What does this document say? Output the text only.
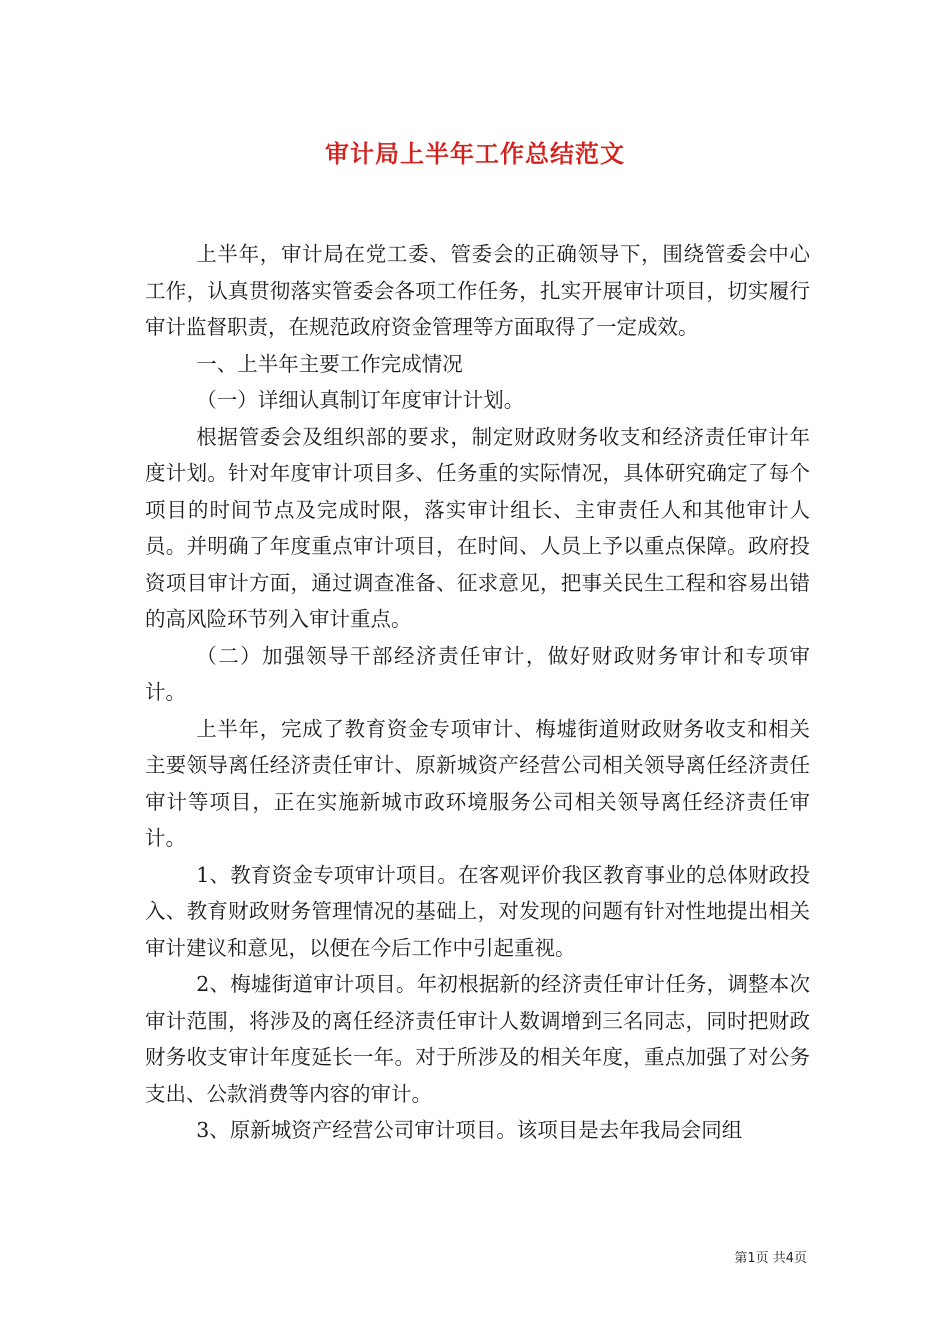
审计局上半年工作总结范文

上半年，审计局在党工委、管委会的正确领导下，围绕管委会中心工作，认真贯彻落实管委会各项工作任务，扎实开展审计项目，切实履行审计监督职责，在规范政府资金管理等方面取得了一定成效。

一、上半年主要工作完成情况

（一）详细认真制订年度审计计划。

根据管委会及组织部的要求，制定财政财务收支和经济责任审计年度计划。针对年度审计项目多、任务重的实际情况，具体研究确定了每个项目的时间节点及完成时限，落实审计组长、主审责任人和其他审计人员。并明确了年度重点审计项目，在时间、人员上予以重点保障。政府投资项目审计方面，通过调查准备、征求意见，把事关民生工程和容易出错的高风险环节列入审计重点。

（二）加强领导干部经济责任审计，做好财政财务审计和专项审计。

上半年，完成了教育资金专项审计、梅墟街道财政财务收支和相关主要领导离任经济责任审计、原新城资产经营公司相关领导离任经济责任审计等项目，正在实施新城市政环境服务公司相关领导离任经济责任审计。

1、教育资金专项审计项目。在客观评价我区教育事业的总体财政投入、教育财政财务管理情况的基础上，对发现的问题有针对性地提出相关审计建议和意见，以便在今后工作中引起重视。

2、梅墟街道审计项目。年初根据新的经济责任审计任务，调整本次审计范围，将涉及的离任经济责任审计人数调增到三名同志，同时把财政财务收支审计年度延长一年。对于所涉及的相关年度，重点加强了对公务支出、公款消费等内容的审计。

3、原新城资产经营公司审计项目。该项目是去年我局会同组

第1页 共4页
